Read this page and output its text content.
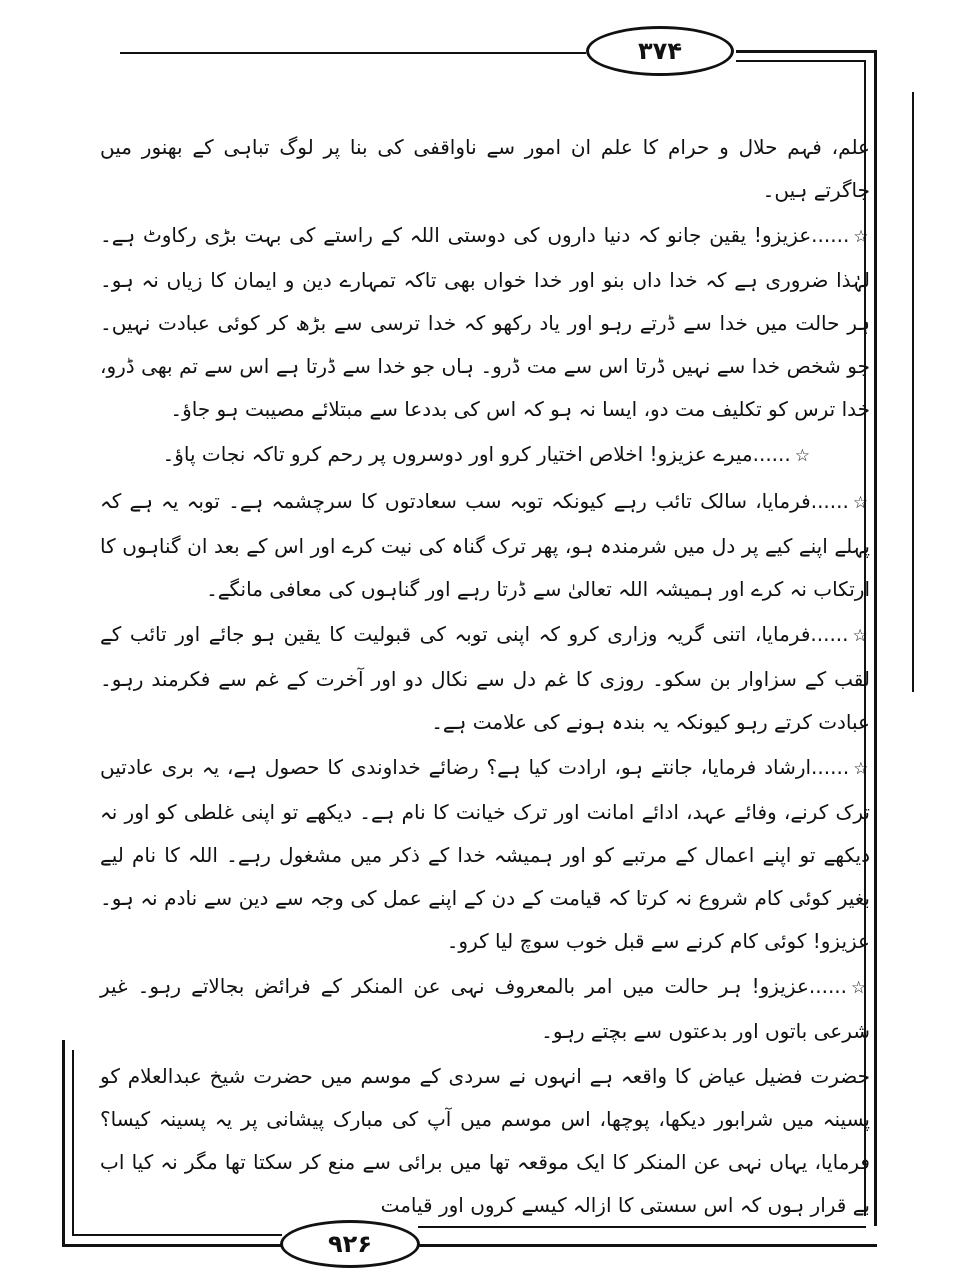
۳۷۴
۹۲۶

علم، فہم حلال و حرام کا علم ان امور سے ناواقفی کی بنا پر لوگ تباہی کے بھنور میں جاگرتے ہیں۔

☆......عزیزو! یقین جانو کہ دنیا داروں کی دوستی اللہ کے راستے کی بہت بڑی رکاوٹ ہے۔ لہٰذا ضروری ہے کہ خدا داں بنو اور خدا خواں بھی تاکہ تمہارے دین و ایمان کا زیاں نہ ہو۔ ہر حالت میں خدا سے ڈرتے رہو اور یاد رکھو کہ خدا ترسی سے بڑھ کر کوئی عبادت نہیں۔ جو شخص خدا سے نہیں ڈرتا اس سے مت ڈرو۔ ہاں جو خدا سے ڈرتا ہے اس سے تم بھی ڈرو، خدا ترس کو تکلیف مت دو، ایسا نہ ہو کہ اس کی بددعا سے مبتلائے مصیبت ہو جاؤ۔

☆......میرے عزیزو! اخلاص اختیار کرو اور دوسروں پر رحم کرو تاکہ نجات پاؤ۔

☆......فرمایا، سالک تائب رہے کیونکہ توبہ سب سعادتوں کا سرچشمہ ہے۔ توبہ یہ ہے کہ پہلے اپنے کیے پر دل میں شرمندہ ہو، پھر ترک گناہ کی نیت کرے اور اس کے بعد ان گناہوں کا ارتکاب نہ کرے اور ہمیشہ اللہ تعالیٰ سے ڈرتا رہے اور گناہوں کی معافی مانگے۔

☆......فرمایا، اتنی گریہ وزاری کرو کہ اپنی توبہ کی قبولیت کا یقین ہو جائے اور تائب کے لقب کے سزاوار بن سکو۔ روزی کا غم دل سے نکال دو اور آخرت کے غم سے فکرمند رہو۔ عبادت کرتے رہو کیونکہ یہ بندہ ہونے کی علامت ہے۔

☆......ارشاد فرمایا، جانتے ہو، ارادت کیا ہے؟ رضائے خداوندی کا حصول ہے، یہ بری عادتیں ترک کرنے، وفائے عہد، ادائے امانت اور ترک خیانت کا نام ہے۔ دیکھے تو اپنی غلطی کو اور نہ دیکھے تو اپنے اعمال کے مرتبے کو اور ہمیشہ خدا کے ذکر میں مشغول رہے۔ اللہ کا نام لیے بغیر کوئی کام شروع نہ کرتا کہ قیامت کے دن کے اپنے عمل کی وجہ سے دین سے نادم نہ ہو۔ عزیزو! کوئی کام کرنے سے قبل خوب سوچ لیا کرو۔

☆......عزیزو! ہر حالت میں امر بالمعروف نہی عن المنکر کے فرائض بجالاتے رہو۔ غیر شرعی باتوں اور بدعتوں سے بچتے رہو۔

حضرت فضیل عیاض کا واقعہ ہے انہوں نے سردی کے موسم میں حضرت شیخ عبدالعلام کو پسینہ میں شرابور دیکھا، پوچھا، اس موسم میں آپ کی مبارک پیشانی پر یہ پسینہ کیسا؟ فرمایا، یہاں نہی عن المنکر کا ایک موقعہ تھا میں برائی سے منع کر سکتا تھا مگر نہ کیا اب بے قرار ہوں کہ اس سستی کا ازالہ کیسے کروں اور قیامت
